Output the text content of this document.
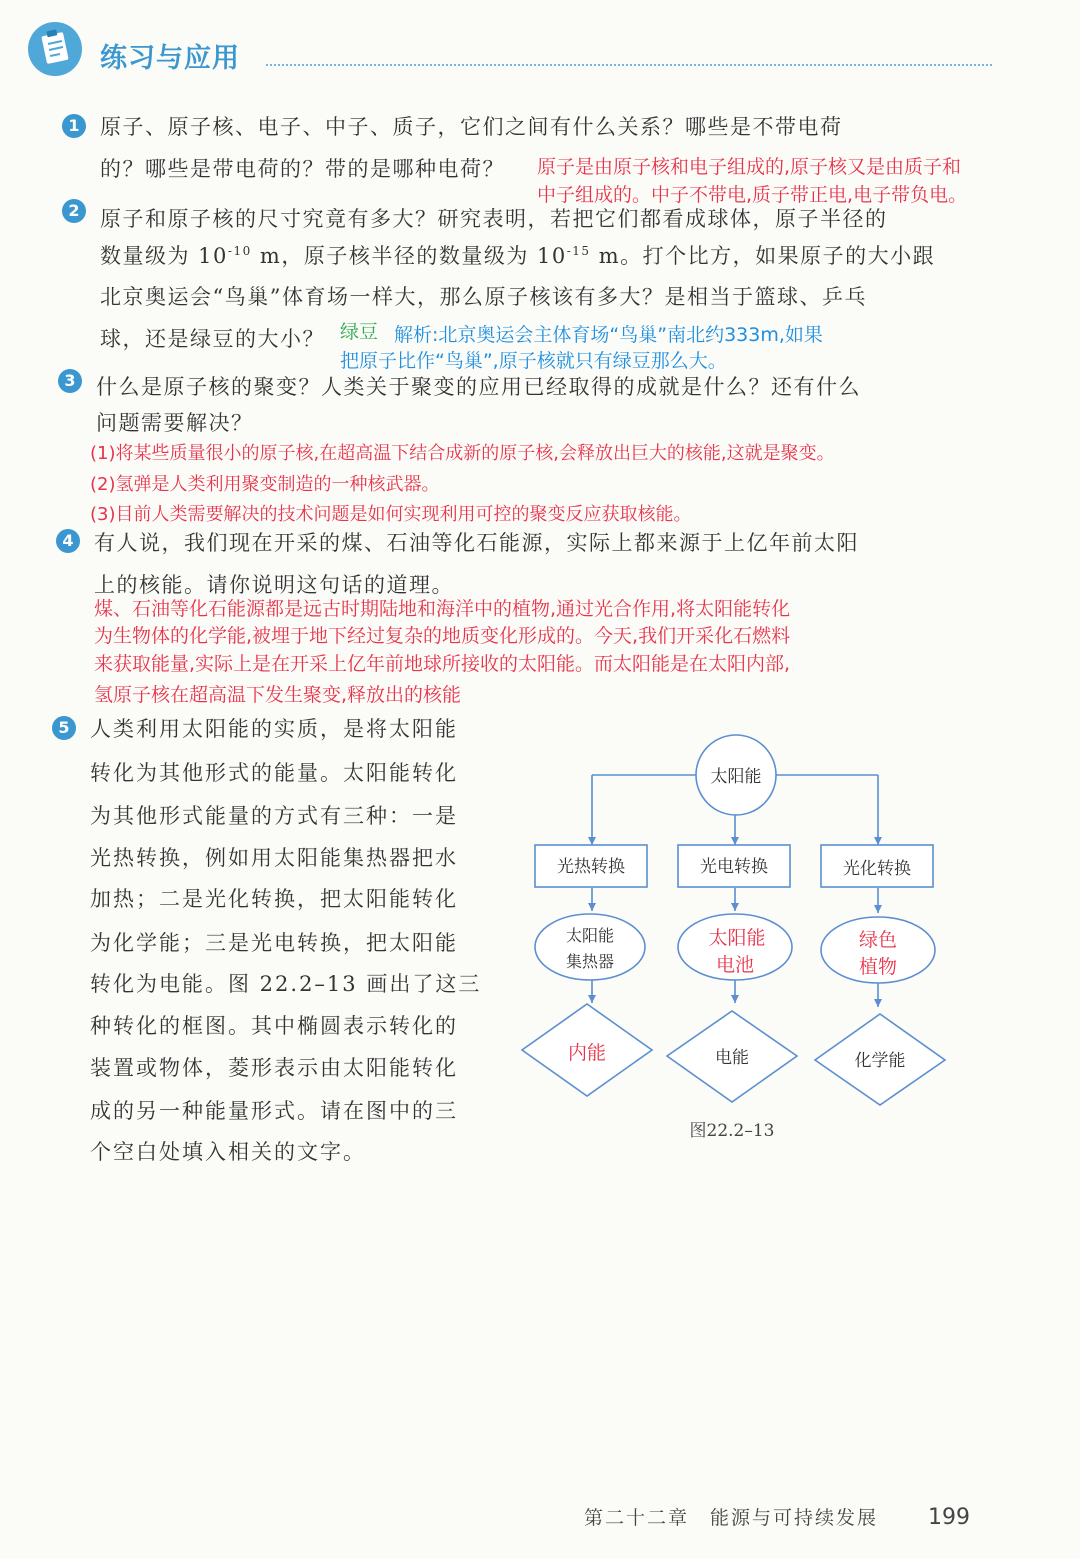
练习与应用
1 原子、原子核、电子、中子、质子，它们之间有什么关系？哪些是不带电荷
的？哪些是带电荷的？带的是哪种电荷？ 原子是由原子核和电子组成的,原子核又是由质子和
中子组成的。中子不带电,质子带正电,电子带负电。
2 原子和原子核的尺寸究竟有多大？研究表明，若把它们都看成球体，原子半径的
数量级为 $10^{-10}$ m，原子核半径的数量级为 $10^{-15}$ m。打个比方，如果原子的大小跟
北京奥运会“鸟巢”体育场一样大，那么原子核该有多大？是相当于篮球、乒乓
球，还是绿豆的大小？ 绿豆 解析:北京奥运会主体育场“鸟巢”南北约333m,如果
把原子比作“鸟巢”,原子核就只有绿豆那么大。
3 什么是原子核的聚变？人类关于聚变的应用已经取得的成就是什么？还有什么
问题需要解决？
(1)将某些质量很小的原子核,在超高温下结合成新的原子核,会释放出巨大的核能,这就是聚变。
(2)氢弹是人类利用聚变制造的一种核武器。
(3)目前人类需要解决的技术问题是如何实现利用可控的聚变反应获取核能。
4 有人说，我们现在开采的煤、石油等化石能源，实际上都来源于上亿年前太阳
上的核能。请你说明这句话的道理。
煤、石油等化石能源都是远古时期陆地和海洋中的植物,通过光合作用,将太阳能转化
为生物体的化学能,被埋于地下经过复杂的地质变化形成的。今天,我们开采化石燃料
来获取能量,实际上是在开采上亿年前地球所接收的太阳能。而太阳能是在太阳内部,
氢原子核在超高温下发生聚变,释放出的核能
5 人类利用太阳能的实质，是将太阳能
转化为其他形式的能量。太阳能转化
为其他形式能量的方式有三种：一是
光热转换，例如用太阳能集热器把水
加热；二是光化转换，把太阳能转化
为化学能；三是光电转换，把太阳能
转化为电能。图 22.2–13 画出了这三
种转化的框图。其中椭圆表示转化的
装置或物体，菱形表示由太阳能转化
成的另一种能量形式。请在图中的三
个空白处填入相关的文字。
太阳能
光热转换	光电转换	光化转换
太阳能
集热器
太阳能
电池
绿色
植物
内能	电能	化学能
图22.2–13
第二十二章　能源与可持续发展 199
